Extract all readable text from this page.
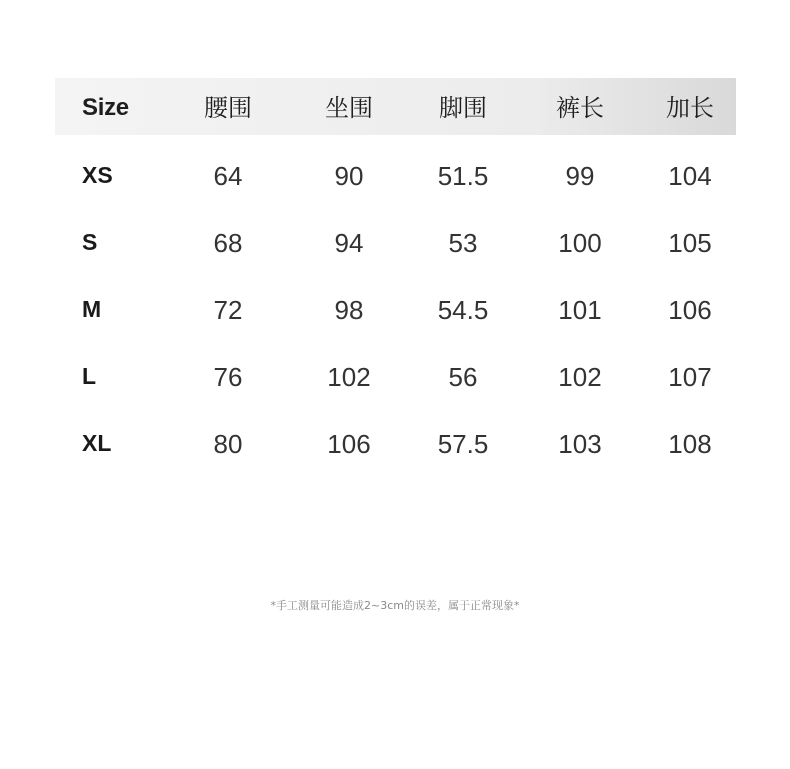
Size	腰围	坐围	脚围	裤长	加长
XS	64	90	51.5	99	104
S	68	94	53	100	105
M	72	98	54.5	101	106
L	76	102	56	102	107
XL	80	106	57.5	103	108
*手工测量可能造成2~3cm的误差，属于正常现象*
